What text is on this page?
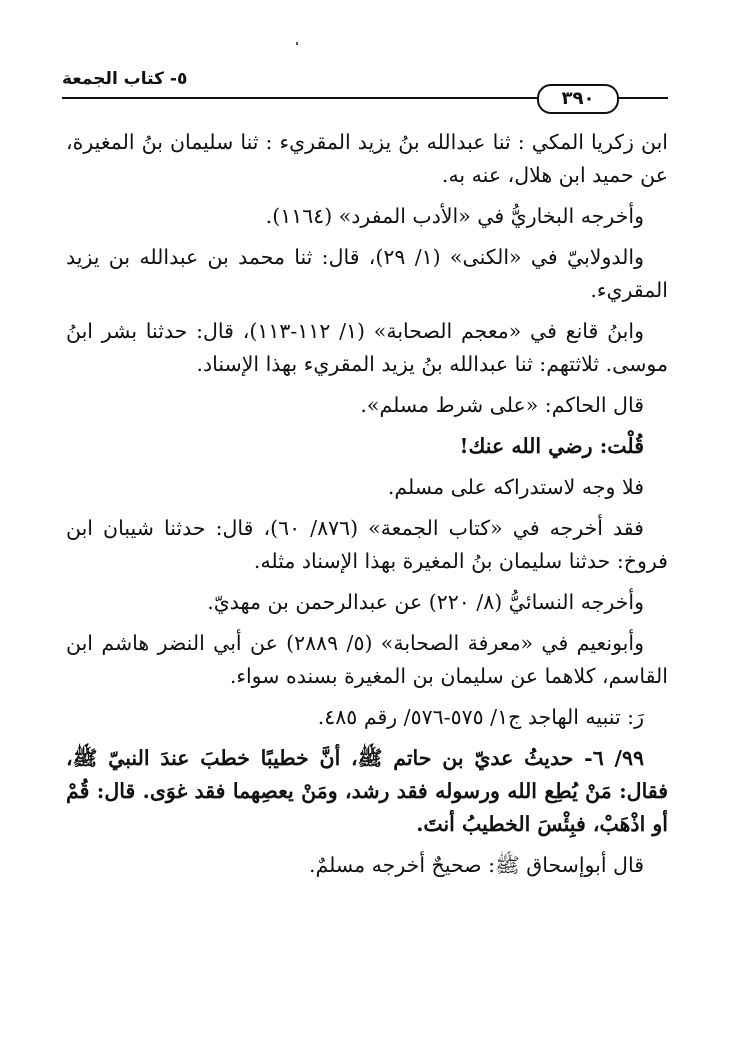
٥- كتاب الجمعة
٣٩٠

ابن زكريا المكي : ثنا عبدالله بنُ يزيد المقريء : ثنا سليمان بنُ المغيرة، عن حميد ابن هلال، عنه به.

وأخرجه البخاريُّ في «الأدب المفرد» (١١٦٤).

والدولابيّ في «الكنى» (١/ ٢٩)، قال: ثنا محمد بن عبدالله بن يزيد المقريء.

وابنُ قانع في «معجم الصحابة» (١/ ١١٢-١١٣)، قال: حدثنا بشر ابنُ موسى. ثلاثتهم: ثنا عبدالله بنُ يزيد المقريء بهذا الإسناد.

قال الحاكم: «على شرط مسلم».

قُلْت: رضي الله عنك!

فلا وجه لاستدراكه على مسلم.

فقد أخرجه في «كتاب الجمعة» (٨٧٦/ ٦٠)، قال: حدثنا شيبان ابن فروخ: حدثنا سليمان بنُ المغيرة بهذا الإسناد مثله.

وأخرجه النسائيُّ (٨/ ٢٢٠) عن عبدالرحمن بن مهديّ.

وأبونعيم في «معرفة الصحابة» (٥/ ٢٨٨٩) عن أبي النضر هاشم ابن القاسم، كلاهما عن سليمان بن المغيرة بسنده سواء.

رَ: تنبيه الهاجد ج١/ ٥٧٥-٥٧٦/ رقم ٤٨٥.

٩٩/ ٦- حديثُ عديّ بن حاتم ﷺ، أنَّ خطيبًا خطبَ عندَ النبيّ ﷺ، فقال: مَنْ يُطِع الله ورسوله فقد رشد، ومَنْ يعصِهما فقد غوَى. قال: قُمْ أو اذْهَبْ، فبِئْسَ الخطيبُ أنتَ.

قال أبوإسحاق ﷺ: صحيحٌ أخرجه مسلمٌ.
